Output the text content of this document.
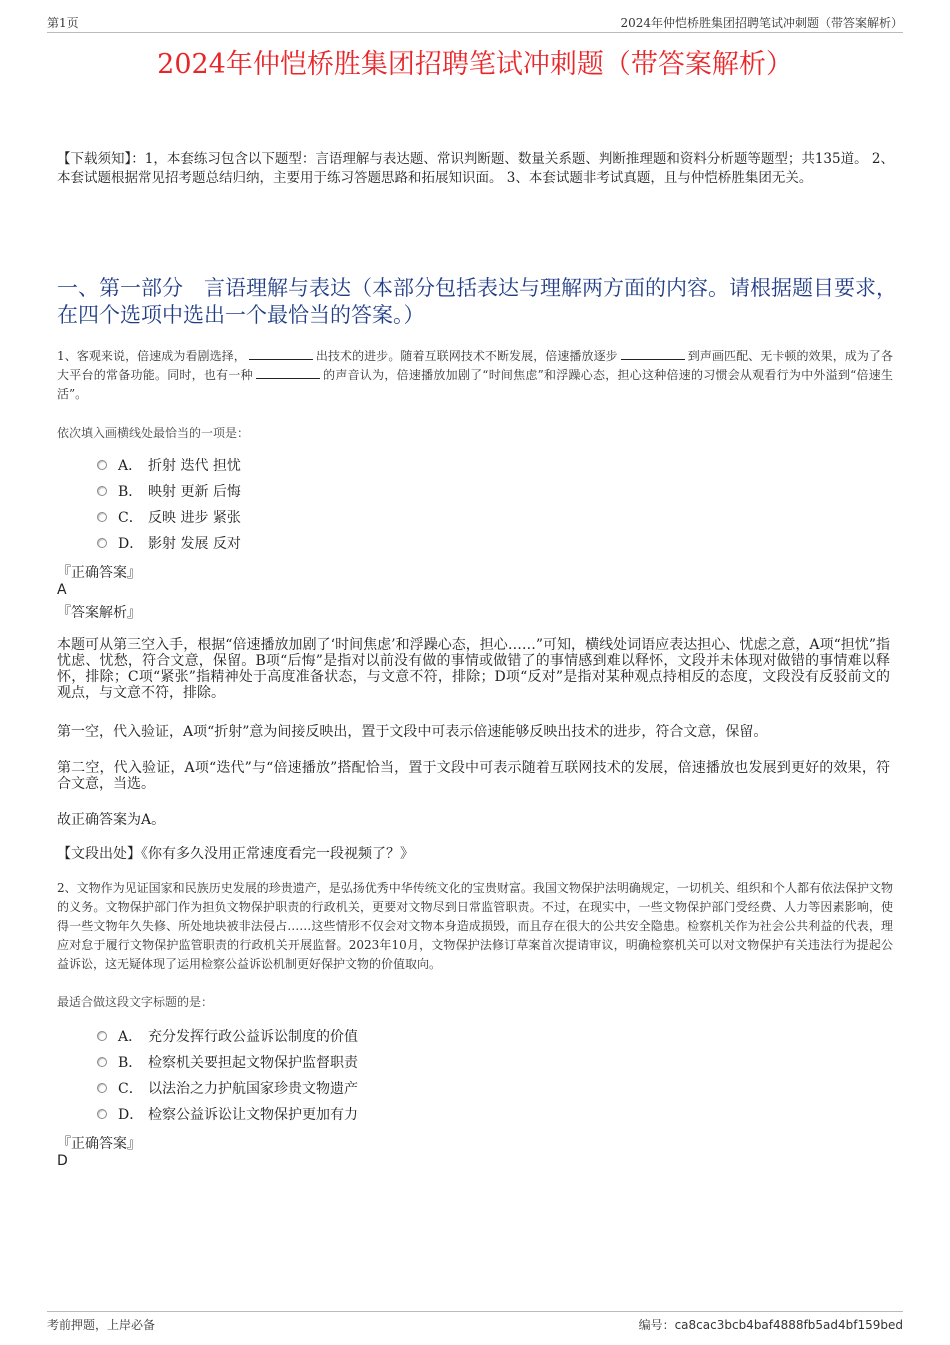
第1页	2024年仲恺桥胜集团招聘笔试冲刺题（带答案解析）
2024年仲恺桥胜集团招聘笔试冲刺题（带答案解析）
【下载须知】：1，本套练习包含以下题型：言语理解与表达题、常识判断题、数量关系题、判断推理题和资料分析题等题型；共135道。 2、本套试题根据常见招考题总结归纳，主要用于练习答题思路和拓展知识面。 3、本套试题非考试真题，且与仲恺桥胜集团无关。
一、第一部分　言语理解与表达（本部分包括表达与理解两方面的内容。请根据题目要求，在四个选项中选出一个最恰当的答案。）
1、客观来说，倍速成为看剧选择，	出技术的进步。随着互联网技术不断发展，倍速播放逐步	到声画匹配、无卡顿的效果，成为了各大平台的常备功能。同时，也有一种	的声音认为，倍速播放加剧了“时间焦虑”和浮躁心态，担心这种倍速的习惯会从观看行为中外溢到“倍速生活”。
依次填入画横线处最恰当的一项是：
A． 折射 迭代 担忧
B． 映射 更新 后悔
C． 反映 进步 紧张
D． 影射 发展 反对
『正确答案』
A
『答案解析』
本题可从第三空入手，根据“倍速播放加剧了‘时间焦虑’和浮躁心态，担心……”可知，横线处词语应表达担心、忧虑之意，A项“担忧”指忧虑、忧愁，符合文意，保留。B项“后悔”是指对以前没有做的事情或做错了的事情感到难以释怀，文段并未体现对做错的事情难以释怀，排除；C项“紧张”指精神处于高度准备状态，与文意不符，排除；D项“反对”是指对某种观点持相反的态度，文段没有反驳前文的观点，与文意不符，排除。
第一空，代入验证，A项“折射”意为间接反映出，置于文段中可表示倍速能够反映出技术的进步，符合文意，保留。
第二空，代入验证，A项“迭代”与“倍速播放”搭配恰当，置于文段中可表示随着互联网技术的发展，倍速播放也发展到更好的效果，符合文意，当选。
故正确答案为A。
【文段出处】《你有多久没用正常速度看完一段视频了？》
2、文物作为见证国家和民族历史发展的珍贵遗产，是弘扬优秀中华传统文化的宝贵财富。我国文物保护法明确规定，一切机关、组织和个人都有依法保护文物的义务。文物保护部门作为担负文物保护职责的行政机关，更要对文物尽到日常监管职责。不过，在现实中，一些文物保护部门受经费、人力等因素影响，使得一些文物年久失修、所处地块被非法侵占……这些情形不仅会对文物本身造成损毁，而且存在很大的公共安全隐患。检察机关作为社会公共利益的代表，理应对怠于履行文物保护监管职责的行政机关开展监督。2023年10月，文物保护法修订草案首次提请审议，明确检察机关可以对文物保护有关违法行为提起公益诉讼，这无疑体现了运用检察公益诉讼机制更好保护文物的价值取向。
最适合做这段文字标题的是：
A． 充分发挥行政公益诉讼制度的价值
B． 检察机关要担起文物保护监督职责
C． 以法治之力护航国家珍贵文物遗产
D． 检察公益诉讼让文物保护更加有力
『正确答案』
D
考前押题，上岸必备	编号：ca8cac3bcb4baf4888fb5ad4bf159bed
